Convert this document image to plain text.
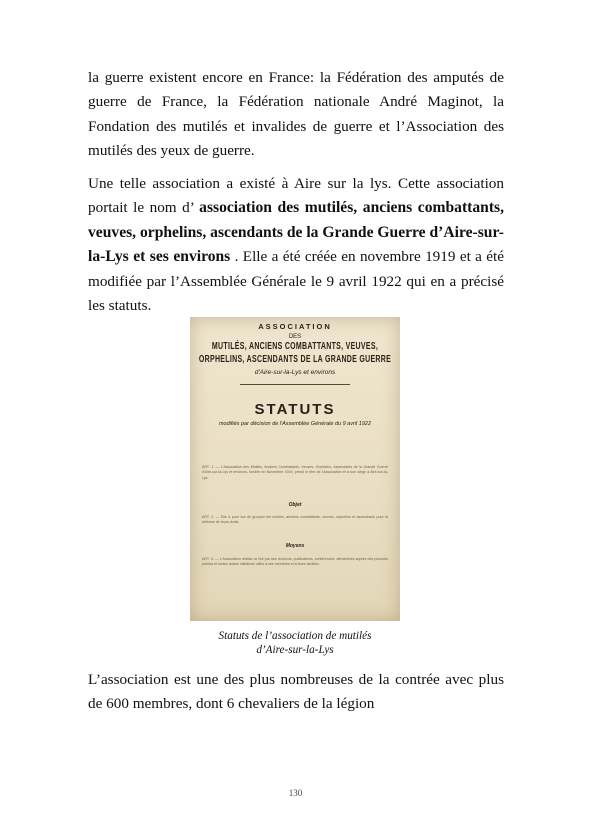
la guerre existent encore en France: la Fédération des amputés de guerre de France, la Fédération nationale André Maginot, la Fondation des mutilés et invalides de guerre et l’Association des mutilés des yeux de guerre.

Une telle association a existé à Aire sur la lys. Cette association portait le nom d’ association des mutilés, anciens combattants, veuves, orphelins, ascendants de la Grande Guerre d’Aire-sur-la-Lys et ses environs . Elle a été créée en novembre 1919 et a été modifiée par l’Assemblée Générale le 9 avril 1922 qui en a précisé les statuts.

ASSOCIATION
DES
MUTILÉS, ANCIENS COMBATTANTS, VEUVES,
ORPHELINS, ASCENDANTS DE LA GRANDE GUERRE
d'Aire-sur-la-Lys et environs
STATUTS
modifiés par décision de l'Assemblée Générale du 9 avril 1922
ART. 1. — L'Association des Mutilés, Anciens Combattants, Veuves, Orphelins, Ascendants de la Grande Guerre d'Aire-sur-la-Lys et environs, fondée en Novembre 1919, prend le titre de l'Association et a son siège à Aire-sur-la-Lys.
Objet
ART. 2. — Elle a pour but de grouper les mutilés, anciens combattants, veuves, orphelins et ascendants pour la défense de leurs droits.
Moyens
ART. 3. — L'Association réalise ce but par ses réunions, publications, conférences, démarches auprès des pouvoirs publics et toutes autres initiatives utiles à ses membres et à leurs familles.
Statuts de l’association de mutilés
d’Aire-sur-la-Lys

L’association est une des plus nombreuses de la contrée avec plus de 600 membres, dont 6 chevaliers de la légion

130
